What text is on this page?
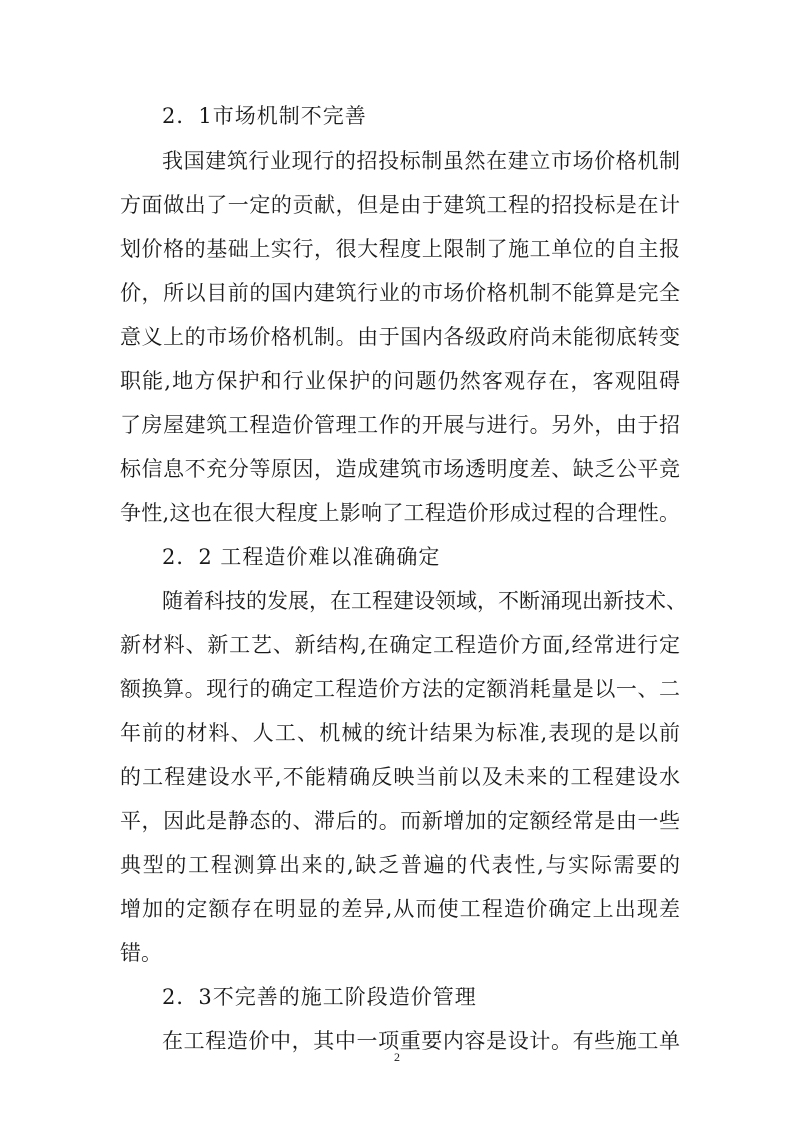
2．1市场机制不完善
我国建筑行业现行的招投标制虽然在建立市场价格机制
方面做出了一定的贡献，但是由于建筑工程的招投标是在计
划价格的基础上实行，很大程度上限制了施工单位的自主报
价，所以目前的国内建筑行业的市场价格机制不能算是完全
意义上的市场价格机制。由于国内各级政府尚未能彻底转变
职能,地方保护和行业保护的问题仍然客观存在，客观阻碍
了房屋建筑工程造价管理工作的开展与进行。另外，由于招
标信息不充分等原因，造成建筑市场透明度差、缺乏公平竞
争性,这也在很大程度上影响了工程造价形成过程的合理性。
2．2 工程造价难以准确确定
随着科技的发展，在工程建设领域，不断涌现出新技术、
新材料、新工艺、新结构,在确定工程造价方面,经常进行定
额换算。现行的确定工程造价方法的定额消耗量是以一、二
年前的材料、人工、机械的统计结果为标准,表现的是以前
的工程建设水平,不能精确反映当前以及未来的工程建设水
平，因此是静态的、滞后的。而新增加的定额经常是由一些
典型的工程测算出来的,缺乏普遍的代表性,与实际需要的
增加的定额存在明显的差异,从而使工程造价确定上出现差
错。
2．3不完善的施工阶段造价管理
在工程造价中，其中一项重要内容是设计。有些施工单
2
